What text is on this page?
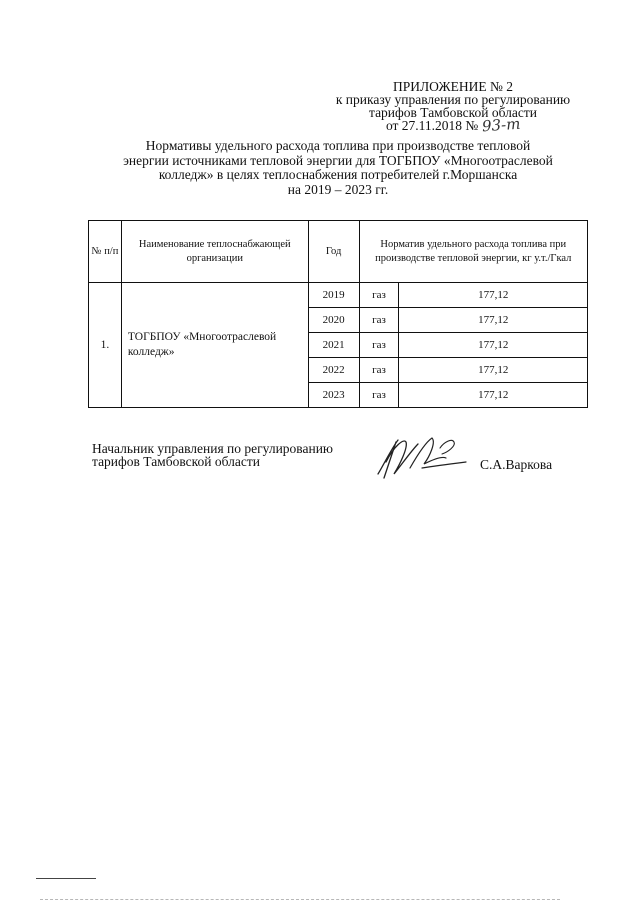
ПРИЛОЖЕНИЕ № 2
к приказу управления по регулированию
тарифов Тамбовской области
от 27.11.2018 № 93-т
Нормативы удельного расхода топлива при производстве тепловой
энергии источниками тепловой энергии для ТОГБПОУ «Многоотраслевой
колледж» в целях теплоснабжения потребителей г.Моршанска
на 2019 – 2023 гг.
№ п/п	Наименование теплоснабжающей организации	Год	Норматив удельного расхода топлива при производстве тепловой энергии, кг у.т./Гкал	
1.	ТОГБПОУ «Многоотраслевой колледж»	2019	газ	177,12
		2020	газ	177,12
		2021	газ	177,12
		2022	газ	177,12
		2023	газ	177,12
Начальник управления по регулированию
тарифов Тамбовской области	С.А.Варкова
